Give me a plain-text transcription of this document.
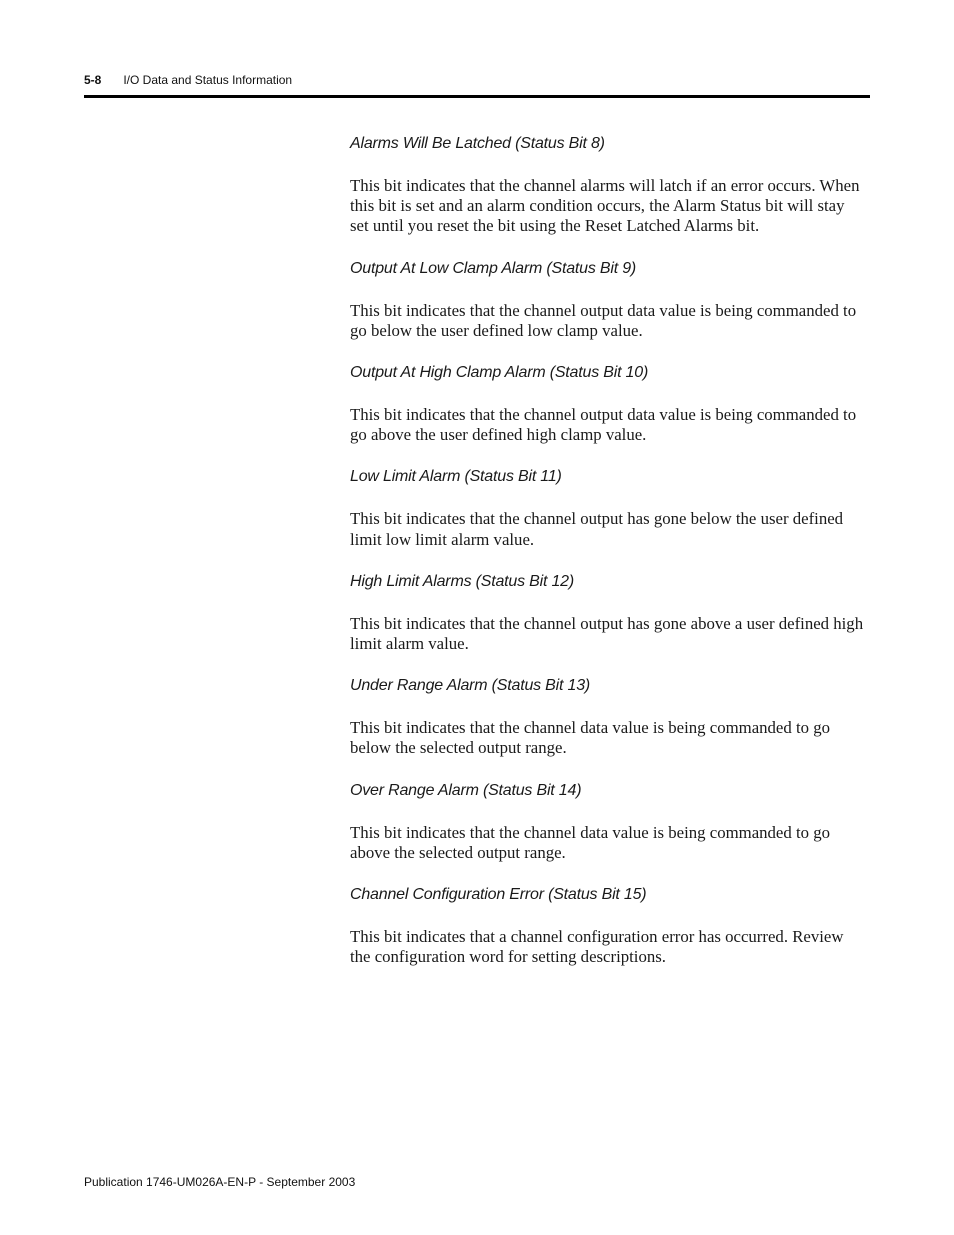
5-8 I/O Data and Status Information

Alarms Will Be Latched (Status Bit 8)

This bit indicates that the channel alarms will latch if an error occurs. When this bit is set and an alarm condition occurs, the Alarm Status bit will stay set until you reset the bit using the Reset Latched Alarms bit.

Output At Low Clamp Alarm (Status Bit 9)

This bit indicates that the channel output data value is being commanded to go below the user defined low clamp value.

Output At High Clamp Alarm (Status Bit 10)

This bit indicates that the channel output data value is being commanded to go above the user defined high clamp value.

Low Limit Alarm (Status Bit 11)

This bit indicates that the channel output has gone below the user defined limit low limit alarm value.

High Limit Alarms (Status Bit 12)

This bit indicates that the channel output has gone above a user defined high limit alarm value.

Under Range Alarm (Status Bit 13)

This bit indicates that the channel data value is being commanded to go below the selected output range.

Over Range Alarm (Status Bit 14)

This bit indicates that the channel data value is being commanded to go above the selected output range.

Channel Configuration Error (Status Bit 15)

This bit indicates that a channel configuration error has occurred. Review the configuration word for setting descriptions.

Publication 1746-UM026A-EN-P - September 2003
